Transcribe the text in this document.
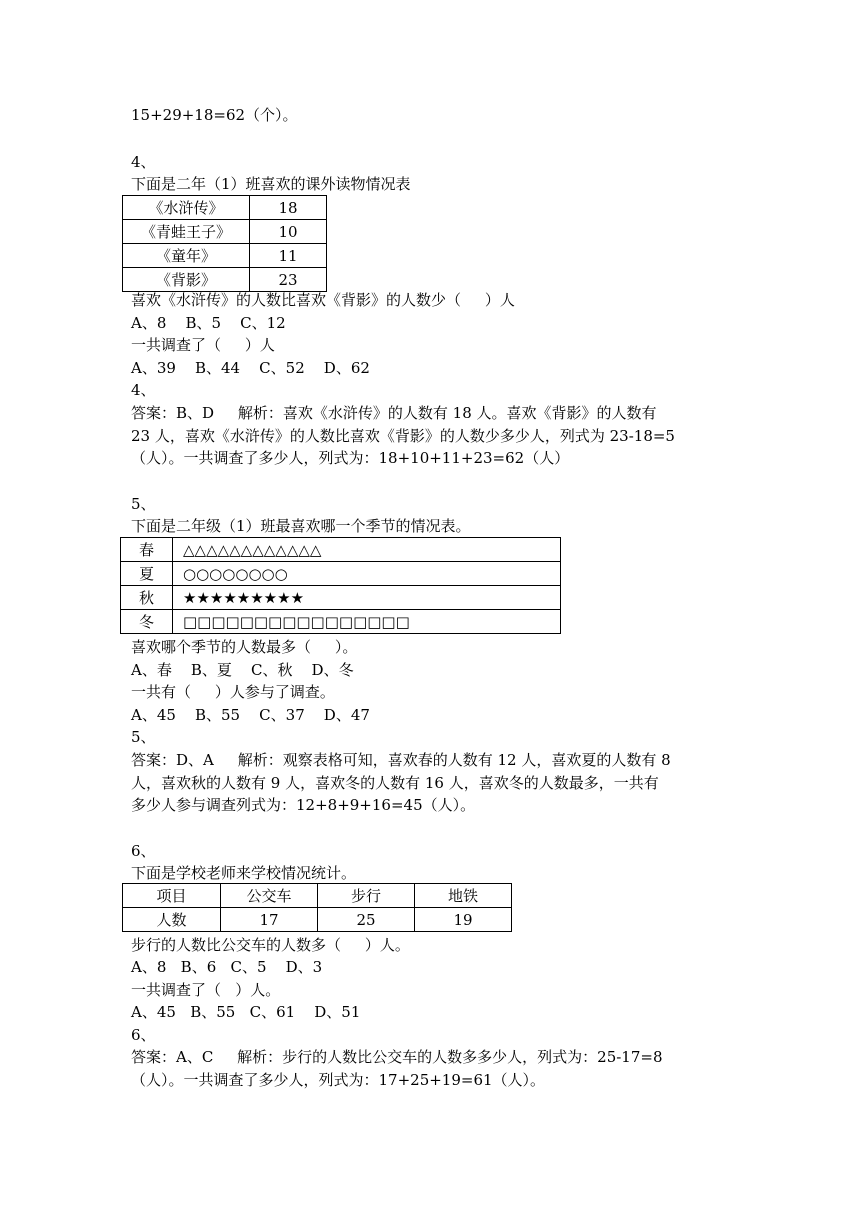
15+29+18=62（个）。
4、
下面是二年（1）班喜欢的课外读物情况表
《水浒传》	18
《青蛙王子》	10
《童年》	11
《背影》	23
喜欢《水浒传》的人数比喜欢《背影》的人数少（     ）人
A、8    B、5    C、12
一共调查了（     ）人
A、39    B、44    C、52    D、62
4、
答案：B、D     解析：喜欢《水浒传》的人数有 18 人。喜欢《背影》的人数有
23 人，喜欢《水浒传》的人数比喜欢《背影》的人数少多少人，列式为 23-18=5
（人）。一共调查了多少人，列式为：18+10+11+23=62（人）
5、
下面是二年级（1）班最喜欢哪一个季节的情况表。
春	△△△△△△△△△△△△
夏	○○○○○○○○
秋	★★★★★★★★★
冬	□□□□□□□□□□□□□□□□
喜欢哪个季节的人数最多（     ）。
A、春    B、夏    C、秋    D、冬
一共有（     ）人参与了调查。
A、45    B、55    C、37    D、47
5、
答案：D、A     解析：观察表格可知，喜欢春的人数有 12 人，喜欢夏的人数有 8
人，喜欢秋的人数有 9 人，喜欢冬的人数有 16 人，喜欢冬的人数最多，一共有
多少人参与调查列式为：12+8+9+16=45（人）。
6、
下面是学校老师来学校情况统计。
项目	公交车	步行	地铁
人数	17	25	19
步行的人数比公交车的人数多（     ）人。
A、8   B、6   C、5    D、3
一共调查了（   ）人。
A、45   B、55   C、61    D、51
6、
答案：A、C     解析：步行的人数比公交车的人数多多少人，列式为：25-17=8
（人）。一共调查了多少人，列式为：17+25+19=61（人）。
